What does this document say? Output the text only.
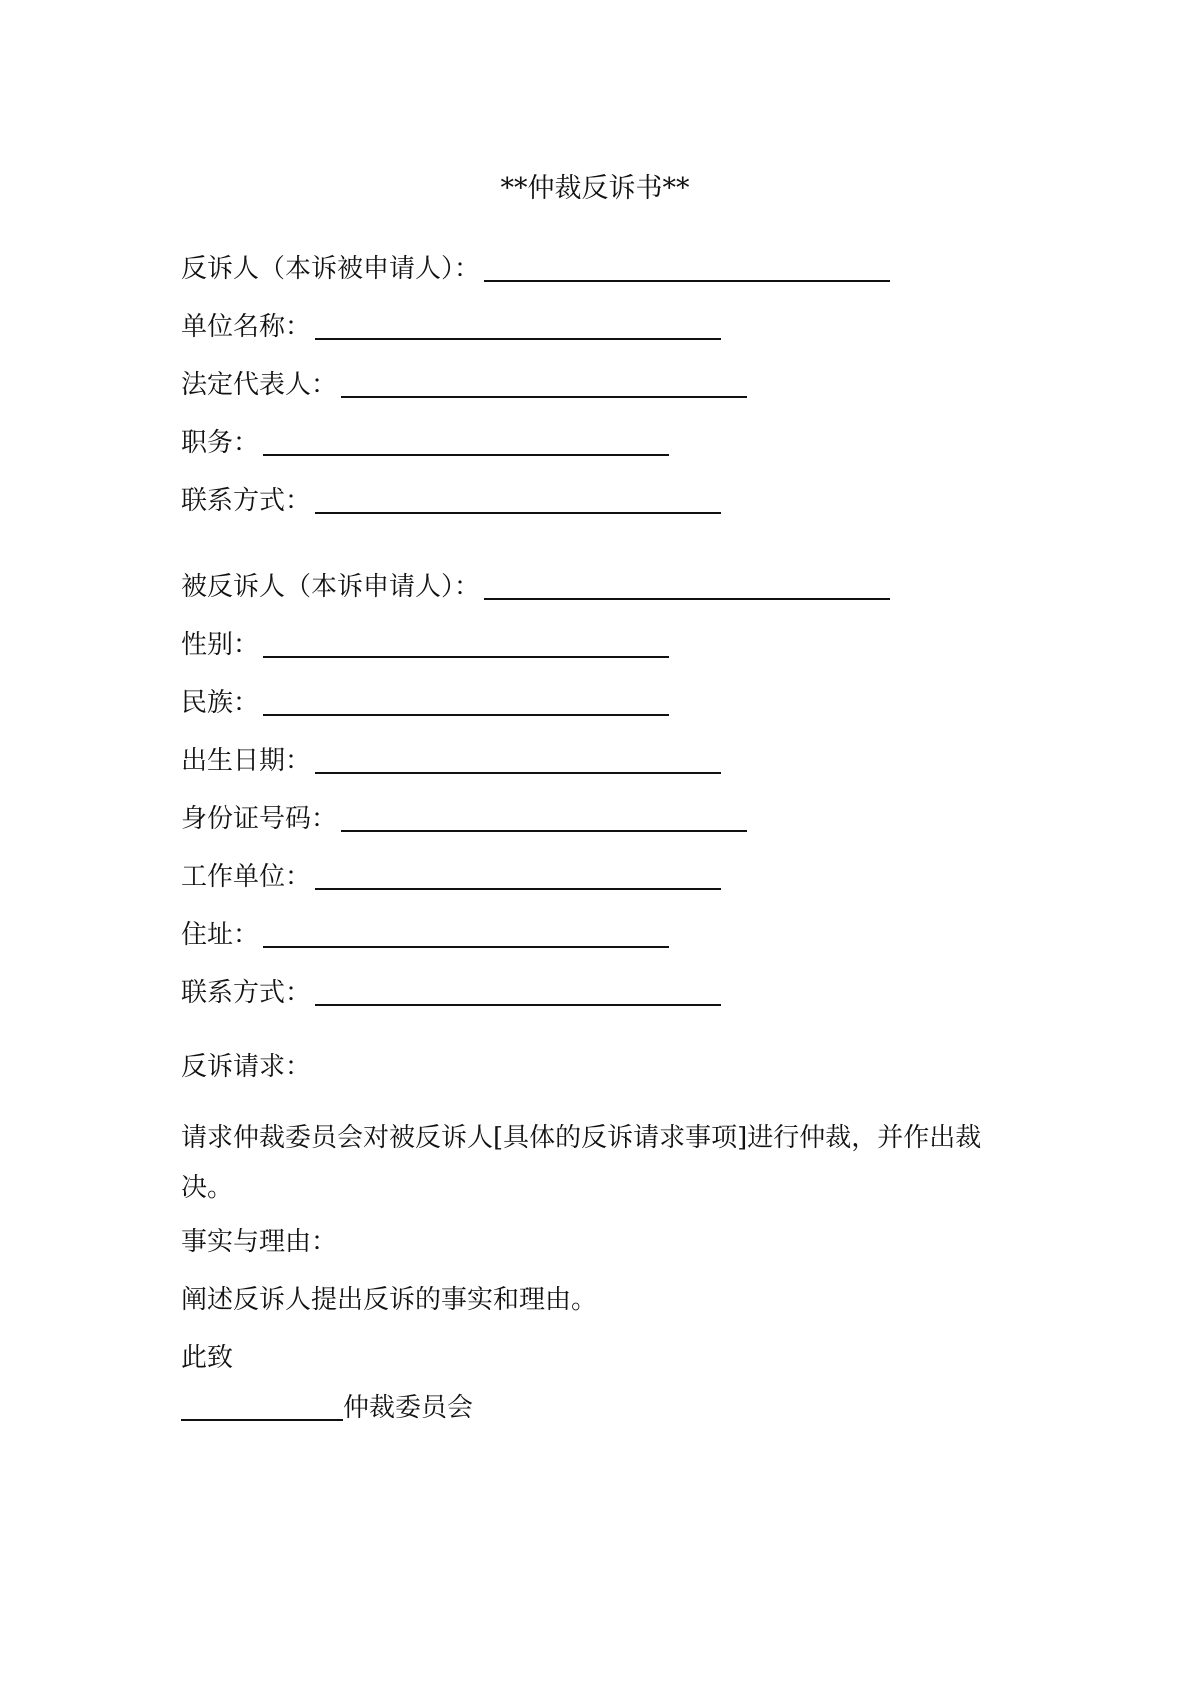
**仲裁反诉书**
反诉人（本诉被申请人）：
单位名称：
法定代表人：
职务：
联系方式：
被反诉人（本诉申请人）：
性别：
民族：
出生日期：
身份证号码：
工作单位：
住址：
联系方式：
反诉请求：
请求仲裁委员会对被反诉人[具体的反诉请求事项]进行仲裁，并作出裁决。
事实与理由：
阐述反诉人提出反诉的事实和理由。
此致
仲裁委员会
